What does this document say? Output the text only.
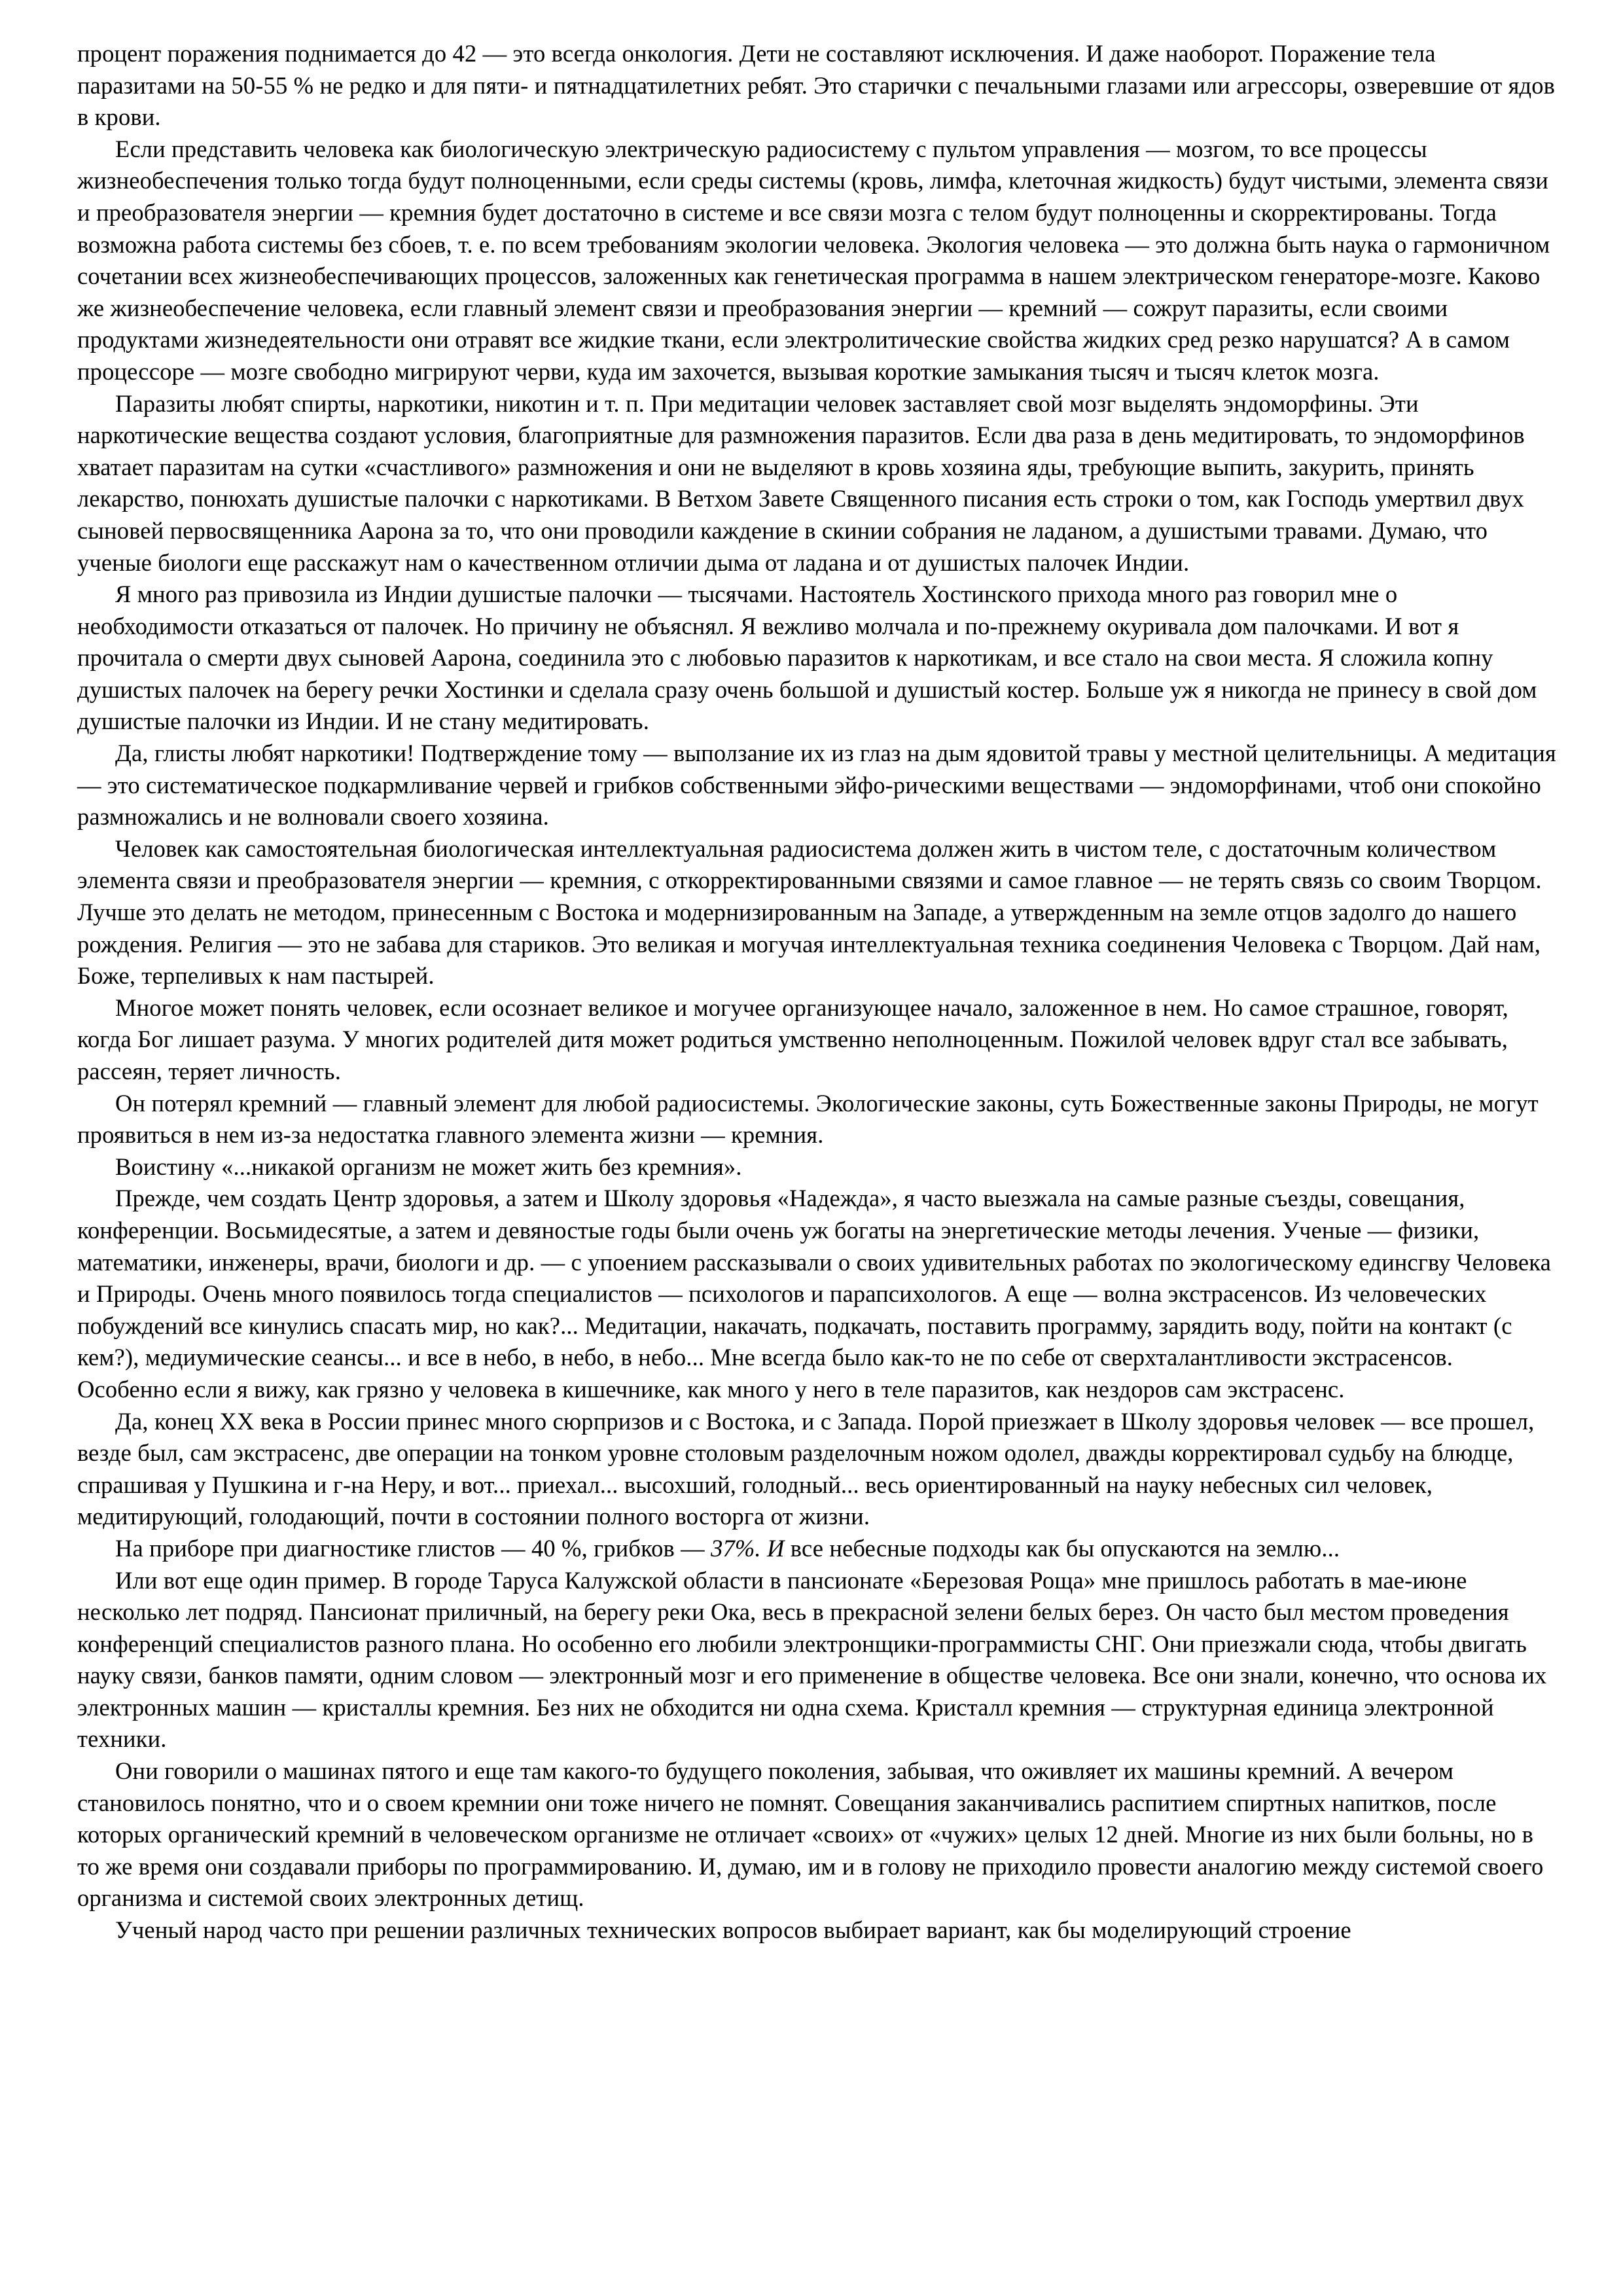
процент поражения поднимается до 42 — это всегда онкология. Дети не составляют исключения. И даже наоборот. Поражение тела паразитами на 50-55 % не редко и для пяти- и пятнадцатилетних ребят. Это старички с печальными глазами или агрессоры, озверевшие от ядов в крови.

Если представить человека как биологическую электрическую радиосистему с пультом управления — мозгом, то все процессы жизнеобеспечения только тогда будут полноценными, если среды системы (кровь, лимфа, клеточная жидкость) будут чистыми, элемента связи и преобразователя энергии — кремния будет достаточно в системе и все связи мозга с телом будут полноценны и скорректированы. Тогда возможна работа системы без сбоев, т. е. по всем требованиям экологии человека. Экология человека — это должна быть наука о гармоничном сочетании всех жизнеобеспечивающих процессов, заложенных как генетическая программа в нашем электрическом генераторе-мозге. Каково же жизнеобеспечение человека, если главный элемент связи и преобразования энергии — кремний — сожрут паразиты, если своими продуктами жизнедеятельности они отравят все жидкие ткани, если электролитические свойства жидких сред резко нарушатся? А в самом процессоре — мозге свободно мигрируют черви, куда им захочется, вызывая короткие замыкания тысяч и тысяч клеток мозга.

Паразиты любят спирты, наркотики, никотин и т. п. При медитации человек заставляет свой мозг выделять эндоморфины. Эти наркотические вещества создают условия, благоприятные для размножения паразитов. Если два раза в день медитировать, то эндоморфинов хватает паразитам на сутки «счастливого» размножения и они не выделяют в кровь хозяина яды, требующие выпить, закурить, принять лекарство, понюхать душистые палочки с наркотиками. В Ветхом Завете Священного писания есть строки о том, как Господь умертвил двух сыновей первосвященника Аарона за то, что они проводили каждение в скинии собрания не ладаном, а душистыми травами. Думаю, что ученые биологи еще расскажут нам о качественном отличии дыма от ладана и от душистых палочек Индии.

Я много раз привозила из Индии душистые палочки — тысячами. Настоятель Хостинского прихода много раз говорил мне о необходимости отказаться от палочек. Но причину не объяснял. Я вежливо молчала и по-прежнему окуривала дом палочками. И вот я прочитала о смерти двух сыновей Аарона, соединила это с любовью паразитов к наркотикам, и все стало на свои места. Я сложила копну душистых палочек на берегу речки Хостинки и сделала сразу очень большой и душистый костер. Больше уж я никогда не принесу в свой дом душистые палочки из Индии. И не стану медитировать.

Да, глисты любят наркотики! Подтверждение тому — выползание их из глаз на дым ядовитой травы у местной целительницы. А медитация — это систематическое подкармливание червей и грибков собственными эйфо-рическими веществами — эндоморфинами, чтоб они спокойно размножались и не волновали своего хозяина.

Человек как самостоятельная биологическая интеллектуальная радиосистема должен жить в чистом теле, с достаточным количеством элемента связи и преобразователя энергии — кремния, с откорректированными связями и самое главное — не терять связь со своим Творцом. Лучше это делать не методом, принесенным с Востока и модернизированным на Западе, а утвержденным на земле отцов задолго до нашего рождения. Религия — это не забава для стариков. Это великая и могучая интеллектуальная техника соединения Человека с Творцом. Дай нам, Боже, терпеливых к нам пастырей.

Многое может понять человек, если осознает великое и могучее организующее начало, заложенное в нем. Но самое страшное, говорят, когда Бог лишает разума. У многих родителей дитя может родиться умственно неполноценным. Пожилой человек вдруг стал все забывать, рассеян, теряет личность.

Он потерял кремний — главный элемент для любой радиосистемы. Экологические законы, суть Божественные законы Природы, не могут проявиться в нем из-за недостатка главного элемента жизни — кремния.

Воистину «...никакой организм не может жить без кремния».

Прежде, чем создать Центр здоровья, а затем и Школу здоровья «Надежда», я часто выезжала на самые разные съезды, совещания, конференции. Восьмидесятые, а затем и девяностые годы были очень уж богаты на энергетические методы лечения. Ученые — физики, математики, инженеры, врачи, биологи и др. — с упоением рассказывали о своих удивительных работах по экологическому единсгву Человека и Природы. Очень много появилось тогда специалистов — психологов и парапсихологов. А еще — волна экстрасенсов. Из человеческих побуждений все кинулись спасать мир, но как?... Медитации, накачать, подкачать, поставить программу, зарядить воду, пойти на контакт (с кем?), медиумические сеансы... и все в небо, в небо, в небо... Мне всегда было как-то не по себе от сверхталантливости экстрасенсов. Особенно если я вижу, как грязно у человека в кишечнике, как много у него в теле паразитов, как нездоров сам экстрасенс.

Да, конец XX века в России принес много сюрпризов и с Востока, и с Запада. Порой приезжает в Школу здоровья человек — все прошел, везде был, сам экстрасенс, две операции на тонком уровне столовым разделочным ножом одолел, дважды корректировал судьбу на блюдце, спрашивая у Пушкина и г-на Неру, и вот... приехал... высохший, голодный... весь ориентированный на науку небесных сил человек, медитирующий, голодающий, почти в состоянии полного восторга от жизни.

На приборе при диагностике глистов — 40 %, грибков — 37%. И все небесные подходы как бы опускаются на землю...

Или вот еще один пример. В городе Таруса Калужской области в пансионате «Березовая Роща» мне пришлось работать в мае-июне несколько лет подряд. Пансионат приличный, на берегу реки Ока, весь в прекрасной зелени белых берез. Он часто был местом проведения конференций специалистов разного плана. Но особенно его любили электронщики-программисты СНГ. Они приезжали сюда, чтобы двигать науку связи, банков памяти, одним словом — электронный мозг и его применение в обществе человека. Все они знали, конечно, что основа их электронных машин — кристаллы кремния. Без них не обходится ни одна схема. Кристалл кремния — структурная единица электронной техники.

Они говорили о машинах пятого и еще там какого-то будущего поколения, забывая, что оживляет их машины кремний. А вечером становилось понятно, что и о своем кремнии они тоже ничего не помнят. Совещания заканчивались распитием спиртных напитков, после которых органический кремний в человеческом организме не отличает «своих» от «чужих» целых 12 дней. Многие из них были больны, но в то же время они создавали приборы по программированию. И, думаю, им и в голову не приходило провести аналогию между системой своего организма и системой своих электронных детищ.

Ученый народ часто при решении различных технических вопросов выбирает вариант, как бы моделирующий строение
